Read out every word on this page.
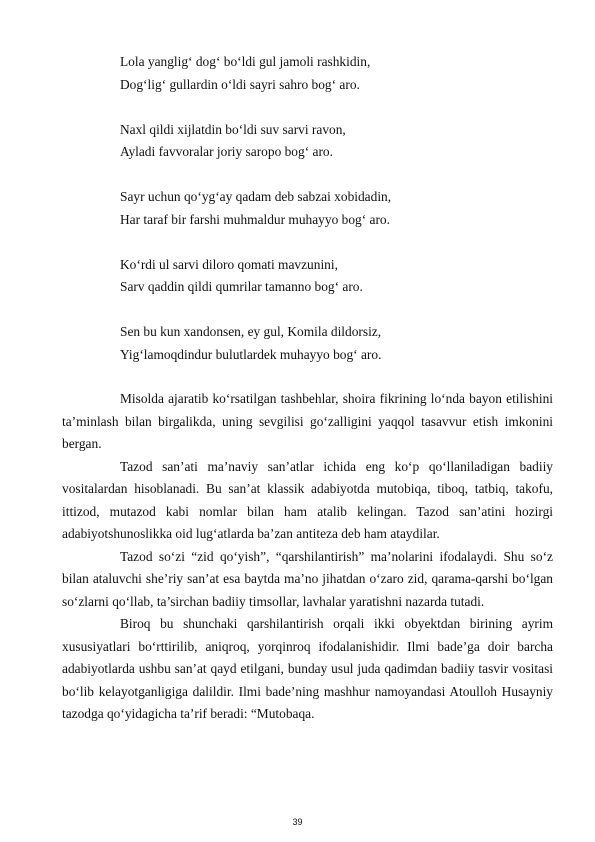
Lola yanglig‘ dog‘ bo‘ldi gul jamoli rashkidin,
Dog‘lig‘ gullardin o‘ldi sayri sahro bog‘ aro.
Naxl qildi xijlatdin bo‘ldi suv sarvi ravon,
Ayladi favvoralar joriy saropo bog‘ aro.
Sayr uchun qo‘yg‘ay qadam deb sabzai xobidadin,
Har taraf bir farshi muhmaldur muhayyo bog‘ aro.
Ko‘rdi ul sarvi diloro qomati mavzunini,
Sarv qaddin qildi qumrilar tamanno bog‘ aro.
Sen bu kun xandonsen, ey gul, Komila dildorsiz,
Yig‘lamoqdindur bulutlardek muhayyo bog‘ aro.

Misolda ajaratib ko‘rsatilgan tashbehlar, shoira fikrining lo‘nda bayon etilishini ta’minlash bilan birgalikda, uning sevgilisi go‘zalligini yaqqol tasavvur etish imkonini bergan.

Tazod san’ati ma’naviy san’atlar ichida eng ko‘p qo‘llaniladigan badiiy vositalardan hisoblanadi. Bu san’at klassik adabiyotda mutobiqa, tiboq, tatbiq, takofu, ittizod, mutazod kabi nomlar bilan ham atalib kelingan. Tazod san’atini hozirgi adabiyotshunoslikka oid lug‘atlarda ba’zan antiteza deb ham ataydilar.

Tazod so‘zi “zid qo‘yish”, “qarshilantirish” ma’nolarini ifodalaydi. Shu so‘z bilan ataluvchi she’riy san’at esa baytda ma’no jihatdan o‘zaro zid, qarama-qarshi bo‘lgan so‘zlarni qo‘llab, ta’sirchan badiiy timsollar, lavhalar yaratishni nazarda tutadi.

Biroq bu shunchaki qarshilantirish orqali ikki obyektdan birining ayrim xususiyatlari bo‘rttirilib, aniqroq, yorqinroq ifodalanishidir. Ilmi bade’ga doir barcha adabiyotlarda ushbu san’at qayd etilgani, bunday usul juda qadimdan badiiy tasvir vositasi bo‘lib kelayotganligiga dalildir. Ilmi bade’ning mashhur namoyandasi Atoulloh Husayniy tazodga qo‘yidagicha ta’rif beradi: “Mutobaqa.

39
